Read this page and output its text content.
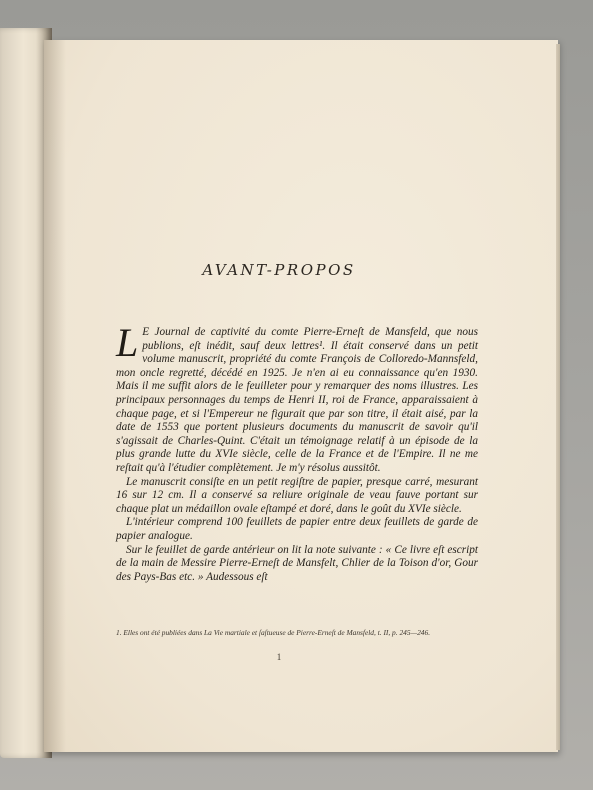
AVANT-PROPOS

L E Journal de captivité du comte Pierre-Erneſt de Mansfeld, que nous publions, eſt inédit, sauf deux lettres¹. Il était conservé dans un petit volume manuscrit, propriété du comte François de Colloredo-Mannsfeld, mon oncle regretté, décédé en 1925. Je n'en ai eu connaissance qu'en 1930. Mais il me suffit alors de le feuilleter pour y remarquer des noms illustres. Les principaux personnages du temps de Henri II, roi de France, apparaissaient à chaque page, et si l'Empereur ne figurait que par son titre, il était aisé, par la date de 1553 que portent plusieurs documents du manuscrit de savoir qu'il s'agissait de Charles-Quint. C'était un témoignage relatif à un épisode de la plus grande lutte du XVIe siècle, celle de la France et de l'Empire. Il ne me reſtait qu'à l'étudier complètement. Je m'y résolus aussitôt.

Le manuscrit consiſte en un petit regiſtre de papier, presque carré, mesurant 16 sur 12 cm. Il a conservé sa reliure originale de veau fauve portant sur chaque plat un médaillon ovale eſtampé et doré, dans le goût du XVIe siècle.

L'intérieur comprend 100 feuillets de papier entre deux feuillets de garde de papier analogue.

Sur le feuillet de garde antérieur on lit la note suivante : « Ce livre eſt escript de la main de Messire Pierre-Erneſt de Mansfelt, Chlier de la Toison d'or, Gour des Pays-Bas etc. » Audessous eſt

1. Elles ont été publiées dans La Vie martiale et ſaſtueuse de Pierre-Erneſt de Mansfeld, t. II, p. 245—246.
1
